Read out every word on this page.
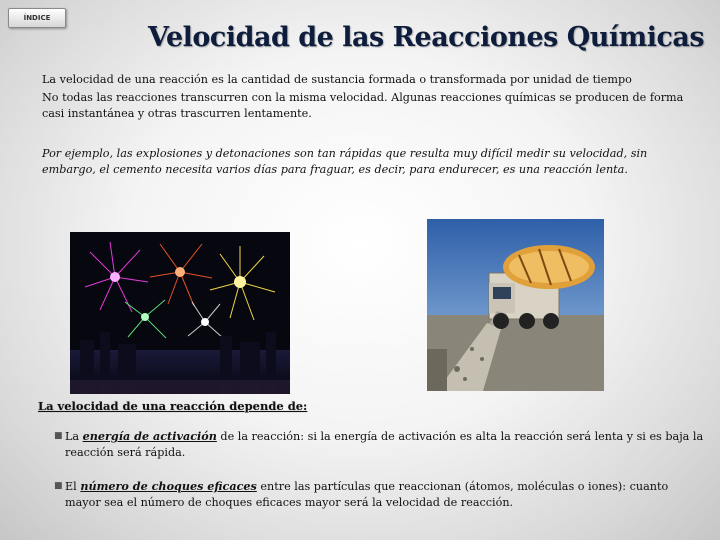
ÍNDICE
Velocidad de las Reacciones Químicas

La velocidad de una reacción es la cantidad de sustancia formada o transformada por unidad de tiempo

No todas las reacciones transcurren con la misma velocidad. Algunas reacciones químicas se producen de forma casi instantánea y otras trascurren lentamente.

Por ejemplo, las explosiones y detonaciones son tan rápidas que resulta muy difícil medir su velocidad, sin embargo, el cemento necesita varios días para fraguar, es decir, para endurecer, es una reacción lenta.

La velocidad de una reacción depende de:

■ La energía de activación de la reacción: si la energía de activación es alta la reacción será lenta y si es baja la reacción será rápida.
■ El número de choques eficaces entre las partículas que reaccionan (átomos, moléculas o iones): cuanto mayor sea el número de choques eficaces mayor será la velocidad de reacción.
